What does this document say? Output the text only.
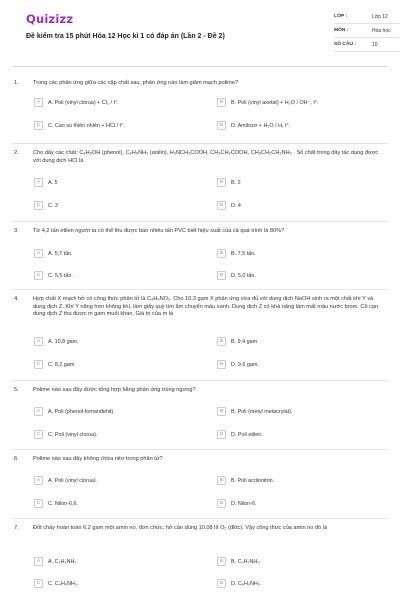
Quizizz
Đề kiểm tra 15 phút Hóa 12 Học kì 1 có đáp án (Lần 2 - Đề 2)
LỚP :	Lớp 12
MÔN :	Hóa học
SỐ CÂU :	10
1.	Trong các phản ứng giữa các cặp chất sau, phản ứng nào làm giảm mạch polime?
A	A. Poli (vinyl clorua) + Cl₂ / t°.	B	B. Poli (vinyl axetat) + H₂O / OH⁻, t°.
C	C. Cao su thiên nhiên + HCl / t°.	D	D. Amilozơ + H₂O / H, t°.
2.	Cho dãy các chất: C₆H₅OH (phenol), C₆H₅NH₂ (anilin), H₂NCH₂COOH, CH₃CH₂COOH, CH₃CH₂CH₂NH₂ . Số chất trong dãy tác dụng được với dung dịch HCl là
A	A. 5	B	B. 2
C	C. 3	D	D. 4
3.	Từ 4,2 tấn etilen người ta có thể thu được bao nhiêu tấn PVC biết hiệu suất của cả quá trình là 80%?
A	A. 5,7 tấn.	B	B. 7,5 tấn.
C	C. 5,5 tấn.	D	D. 5,0 tấn.
4.	Hợp chất X mạch hở có công thức phân tử là C₄H₉NO₂. Cho 10,3 gam X phản ứng vừa đủ với dung dịch NaOH sinh ra một chất khí Y và dung dịch Z. Khí Y nặng hơn không khí, làm giấy quỳ tím ẩm chuyển màu xanh. Dung dịch Z có khả năng làm mất màu nước brom. Cô cạn dung dịch Z thu được m gam muối khan. Giá trị của m là
A	A. 10,8 gam.	B	B. 9,4 gam.
C	C. 8,2 gam.	D	D. 9,6 gam.
5.	Polime nào sau đây được tổng hợp bằng phản ứng trùng ngưng?
A	A. Poli (phenol-fomanđehit).	B	B. Poli (metyl metacrylat).
C	C. Poli (vinyl clorua).	D	D. Poli etilen.
6.	Polime nào sau đây không chứa nitơ trong phân tử?
A	A. Poli (vinyl clorua).	B	B. Poli acrilonitrin.
C	C. Nilon-6,6.	D	D. Nilon-6.
7.	Đốt cháy hoàn toàn 6,2 gam một amin no, đơn chức, hở cần dùng 10,08 lít O₂ (đktc). Vậy công thức của amin no đó là
A	A. C₂H₅NH₂.	B	B. C₃H₇NH₂.
C	C. C₄H₉NH₂.	D	D. C₆H₅NH₂.
